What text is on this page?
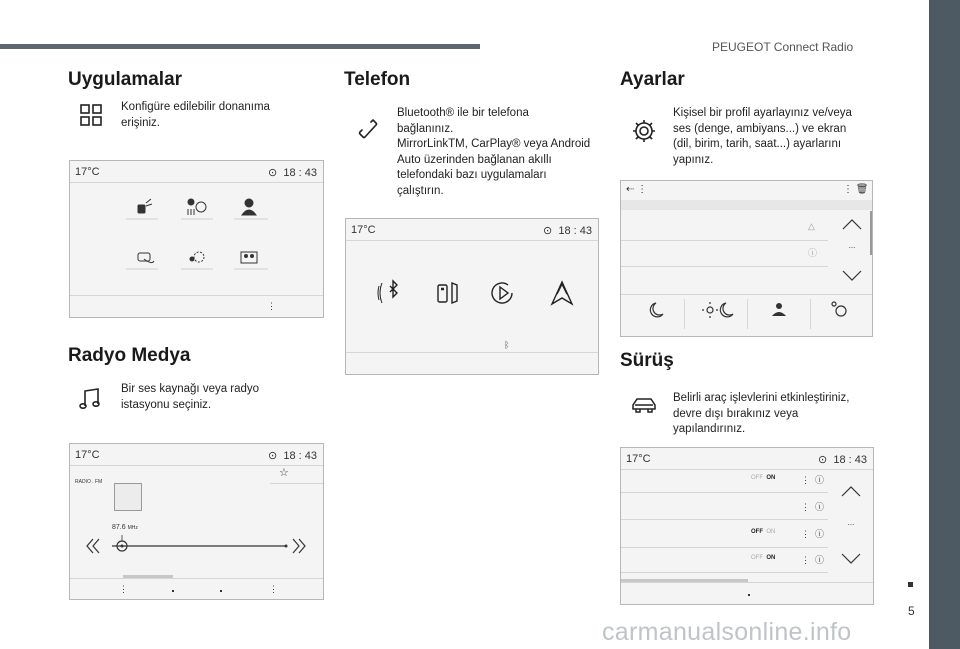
PEUGEOT Connect Radio
5
carmanualsonline.info
Uygulamalar
Konfigüre edilebilir donanıma erişiniz.
17°C	⊙  18 : 43
⋮
Radyo Medya
Bir ses kaynağı veya radyo istasyonu seçiniz.
17°C	⊙  18 : 43
☆
RADIO . FM
87.6 MHz
⋮	⋮
Telefon
Bluetooth® ile bir telefona
bağlanınız.
MirrorLinkTM, CarPlay® veya Android
Auto üzerinden bağlanan akıllı
telefondaki bazı uygulamaları
çalıştırın.
17°C	⊙  18 : 43
ᛒ
Ayarlar
Kişisel bir profil ayarlayınız ve/veya
ses (denge, ambiyans...) ve ekran
(dil, birim, tarih, saat...) ayarlarını
yapınız.
⇠ ⋮	⋮ 🗑
△
ⓘ
...
Sürüş
Belirli araç işlevlerini etkinleştiriniz,
devre dışı bırakınız veya
yapılandırınız.
17°C	⊙  18 : 43
OFF ON	⋮  ⓘ
⋮  ⓘ
OFF ON	⋮  ⓘ
OFF ON	⋮  ⓘ
...
